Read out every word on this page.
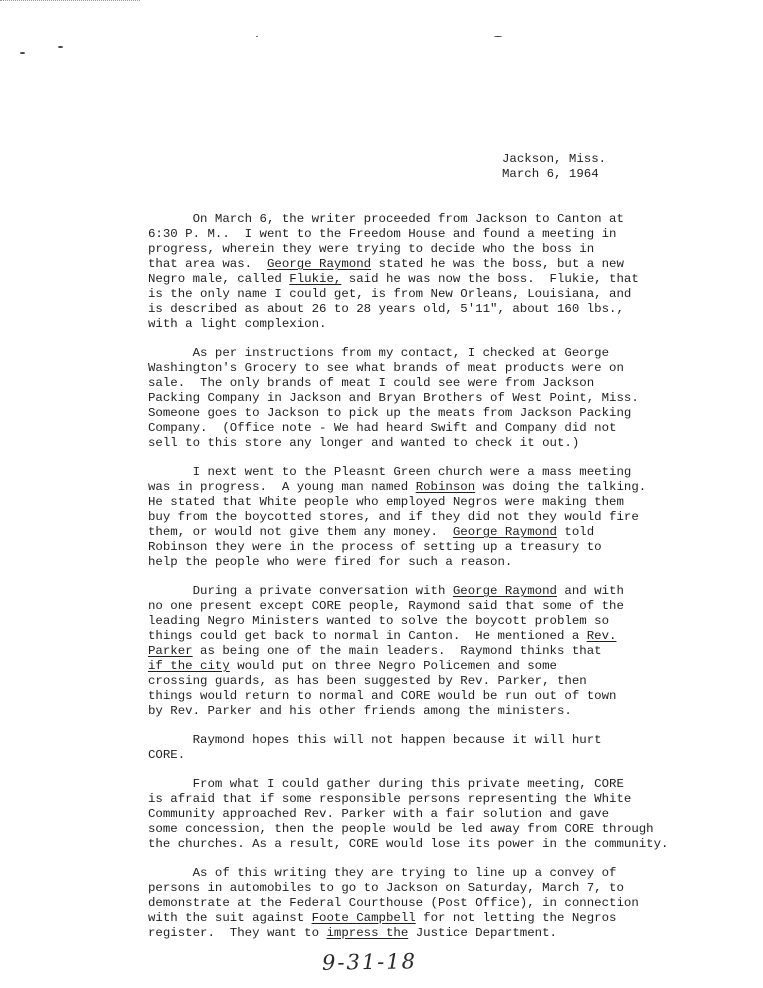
Jackson, Miss.
March 6, 1964
On March 6, the writer proceeded from Jackson to Canton at
6:30 P. M..  I went to the Freedom House and found a meeting in
progress, wherein they were trying to decide who the boss in
that area was.  George Raymond stated he was the boss, but a new
Negro male, called Flukie, said he was now the boss.  Flukie, that
is the only name I could get, is from New Orleans, Louisiana, and
is described as about 26 to 28 years old, 5'11", about 160 lbs.,
with a light complexion.
As per instructions from my contact, I checked at George
Washington's Grocery to see what brands of meat products were on
sale.  The only brands of meat I could see were from Jackson
Packing Company in Jackson and Bryan Brothers of West Point, Miss.
Someone goes to Jackson to pick up the meats from Jackson Packing
Company.  (Office note - We had heard Swift and Company did not
sell to this store any longer and wanted to check it out.)
I next went to the Pleasnt Green church were a mass meeting
was in progress.  A young man named Robinson was doing the talking.
He stated that White people who employed Negros were making them
buy from the boycotted stores, and if they did not they would fire
them, or would not give them any money.  George Raymond told
Robinson they were in the process of setting up a treasury to
help the people who were fired for such a reason.
During a private conversation with George Raymond and with
no one present except CORE people, Raymond said that some of the
leading Negro Ministers wanted to solve the boycott problem so
things could get back to normal in Canton.  He mentioned a Rev.
Parker as being one of the main leaders.  Raymond thinks that
if the city would put on three Negro Policemen and some
crossing guards, as has been suggested by Rev. Parker, then
things would return to normal and CORE would be run out of town
by Rev. Parker and his other friends among the ministers.
Raymond hopes this will not happen because it will hurt
CORE.
From what I could gather during this private meeting, CORE
is afraid that if some responsible persons representing the White
Community approached Rev. Parker with a fair solution and gave
some concession, then the people would be led away from CORE through
the churches. As a result, CORE would lose its power in the community.
As of this writing they are trying to line up a convey of
persons in automobiles to go to Jackson on Saturday, March 7, to
demonstrate at the Federal Courthouse (Post Office), in connection
with the suit against Foote Campbell for not letting the Negros
register.  They want to impress the Justice Department.
9-31-18
